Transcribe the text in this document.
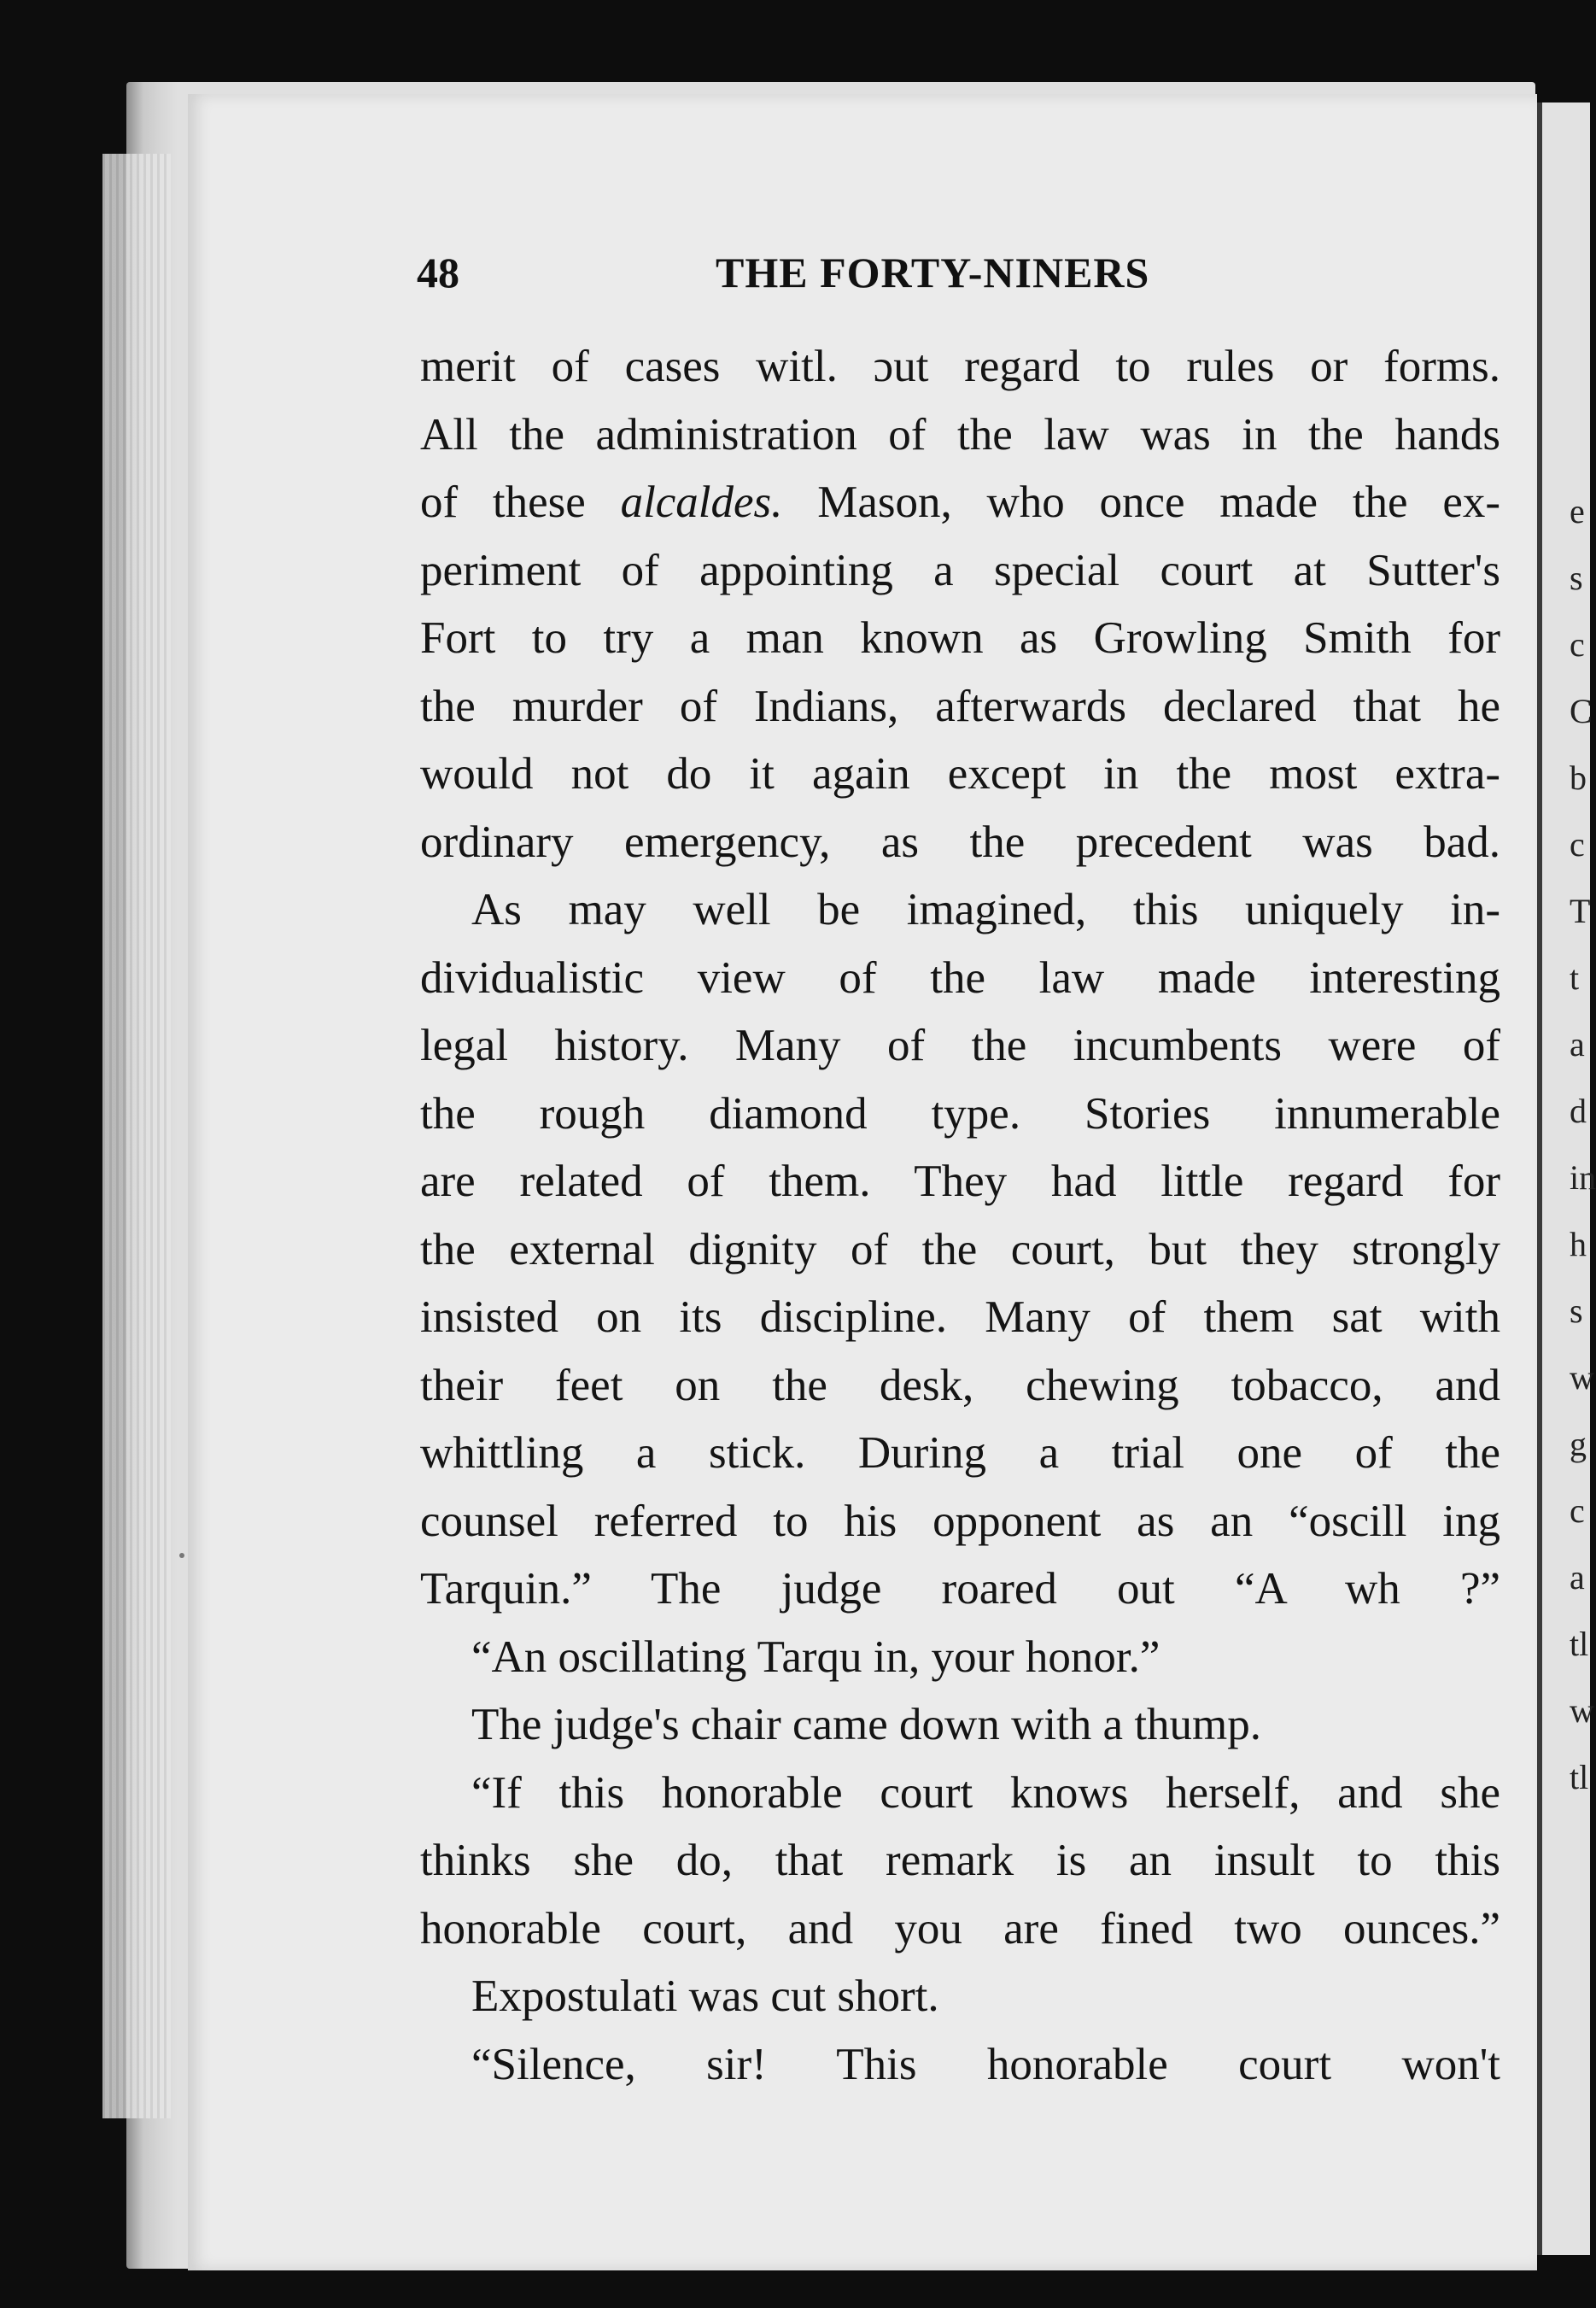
e
s
c
C
b
c
T
t
a
d
in
h
s
w
g
c
a
tl
w
tl
48	THE FORTY-NINERS
merit of cases witl. ɔut regard to rules or forms.
All the administration of the law was in the hands
of these alcaldes. Mason, who once made the ex-
periment of appointing a special court at Sutter's
Fort to try a man known as Growling Smith for
the murder of Indians, afterwards declared that he
would not do it again except in the most extra-
ordinary emergency, as the precedent was bad.
As may well be imagined, this uniquely in-
dividualistic view of the law made interesting
legal history. Many of the incumbents were of
the rough diamond type. Stories innumerable
are related of them. They had little regard for
the external dignity of the court, but they strongly
insisted on its discipline. Many of them sat with
their feet on the desk, chewing tobacco, and
whittling a stick. During a trial one of the
counsel referred to his opponent as an “oscill ing
Tarquin.” The judge roared out “A wh ?”
“An oscillating Tarqu in, your honor.”
The judge's chair came down with a thump.
“If this honorable court knows herself, and she
thinks she do, that remark is an insult to this
honorable court, and you are fined two ounces.”
Expostulati was cut short.
“Silence, sir! This honorable court won't
